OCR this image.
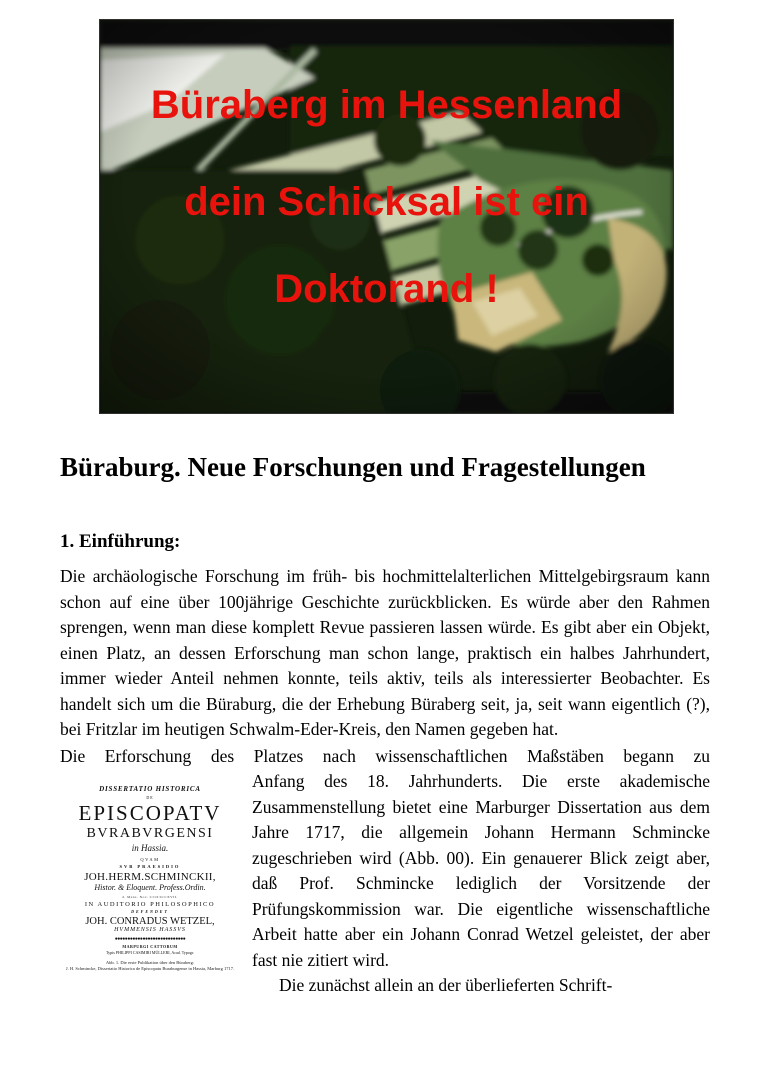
Büraberg im Hessenland
dein Schicksal ist ein
Doktorand !
Büraburg. Neue Forschungen und Fragestellungen
1. Einführung:

Die archäologische Forschung im früh- bis hochmittelalterlichen Mittelgebirgsraum kann schon auf eine über 100jährige Geschichte zurückblicken. Es würde aber den Rahmen sprengen, wenn man diese komplett Revue passieren lassen würde. Es gibt aber ein Objekt, einen Platz, an dessen Erforschung man schon lange, praktisch ein halbes Jahrhundert, immer wieder Anteil nehmen konnte, teils aktiv, teils als interessierter Beobachter. Es handelt sich um die Büraburg, die der Erhebung Büraberg seit, ja, seit wann eigentlich (?), bei Fritzlar im heutigen Schwalm-Eder-Kreis, den Namen gegeben hat.

Die Erforschung des Platzes nach wissenschaftlichen Maßstäben begann zu

DISSERTATIO HISTORICA
DE
EPISCOPATV
BVRABVRGENSI
in Hassia.
QVAM
SVB PRAESIDIO
JOH.HERM.SCHMINCKII,
Histor. & Eloquent. Profess.Ordin.
d. Mens. Nov. CIƆIƆCCXVII.
IN AUDITORIO PHILOSOPHICO
DEFENDET
JOH. CONRADUS WETZEL,
HVMMENSIS HASSVS
●●●●●●●●●●●●●●●●●●●●●●●●●●●●
MARPURGI CATTORUM
Typis PHILIPPI CASIMIRI MÜLLERI, Acad. Typogr.
Abb. 1. Die erste Publikation über den Büraberg:
J. H. Schmincke, Dissertatio Historica de Episcopatu Buraburgense in Hassia, Marburg 1717.

Anfang des 18. Jahrhunderts. Die erste akademische Zusammenstellung bietet eine Marburger Dissertation aus dem Jahre 1717, die allgemein Johann Hermann Schmincke zugeschrieben wird (Abb. 00). Ein genauerer Blick zeigt aber, daß Prof. Schmincke lediglich der Vorsitzende der Prüfungskommission war. Die eigentliche wissenschaftliche Arbeit hatte aber ein Johann Conrad Wetzel geleistet, der aber fast nie zitiert wird.

Die zunächst allein an der überlieferten Schrift-
